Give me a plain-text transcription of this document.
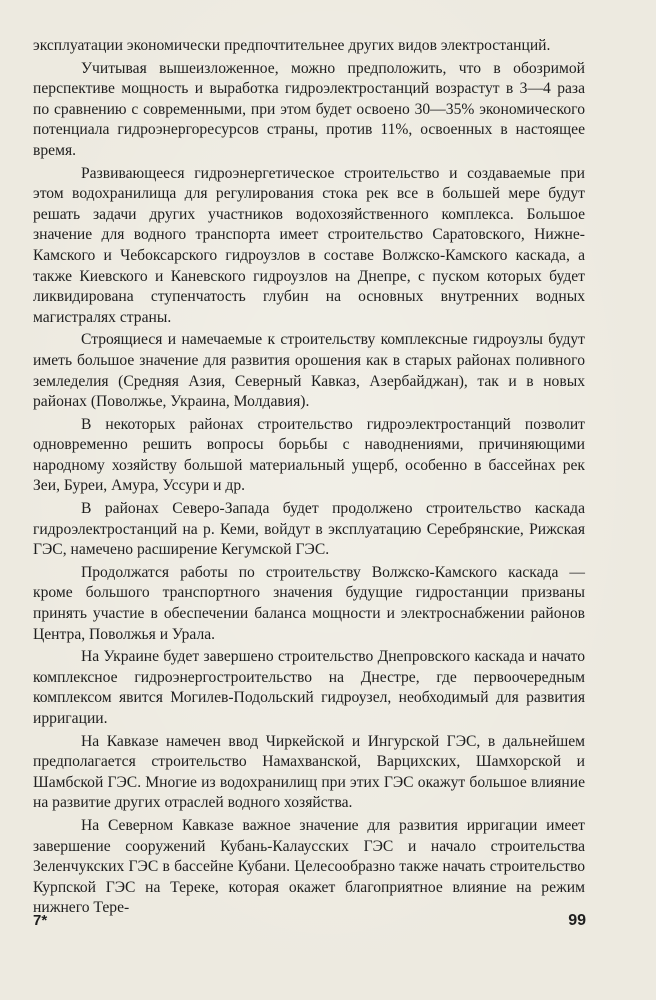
эксплуатации экономически предпочтительнее других видов электростанций.

Учитывая вышеизложенное, можно предположить, что в обозримой перспективе мощность и выработка гидроэлектростанций возрастут в 3—4 раза по сравнению с современными, при этом будет освоено 30—35% экономического потенциала гидроэнергоресурсов страны, против 11%, освоенных в настоящее время.

Развивающееся гидроэнергетическое строительство и создаваемые при этом водохранилища для регулирования стока рек все в большей мере будут решать задачи других участников водохозяйственного комплекса. Большое значение для водного транспорта имеет строительство Саратовского, Нижне-Камского и Чебоксарского гидроузлов в составе Волжско-Камского каскада, а также Киевского и Каневского гидроузлов на Днепре, с пуском которых будет ликвидирована ступенчатость глубин на основных внутренних водных магистралях страны.

Строящиеся и намечаемые к строительству комплексные гидроузлы будут иметь большое значение для развития орошения как в старых районах поливного земледелия (Средняя Азия, Северный Кавказ, Азербайджан), так и в новых районах (Поволжье, Украина, Молдавия).

В некоторых районах строительство гидроэлектростанций позволит одновременно решить вопросы борьбы с наводнениями, причиняющими народному хозяйству большой материальный ущерб, особенно в бассейнах рек Зеи, Буреи, Амура, Уссури и др.

В районах Северо-Запада будет продолжено строительство каскада гидроэлектростанций на р. Кеми, войдут в эксплуатацию Серебрянские, Рижская ГЭС, намечено расширение Кегумской ГЭС.

Продолжатся работы по строительству Волжско-Камского каскада — кроме большого транспортного значения будущие гидростанции призваны принять участие в обеспечении баланса мощности и электроснабжении районов Центра, Поволжья и Урала.

На Украине будет завершено строительство Днепровского каскада и начато комплексное гидроэнергостроительство на Днестре, где первоочередным комплексом явится Могилев-Подольский гидроузел, необходимый для развития ирригации.

На Кавказе намечен ввод Чиркейской и Ингурской ГЭС, в дальнейшем предполагается строительство Намахванской, Варцихских, Шамхорской и Шамбской ГЭС. Многие из водохранилищ при этих ГЭС окажут большое влияние на развитие других отраслей водного хозяйства.

На Северном Кавказе важное значение для развития ирригации имеет завершение сооружений Кубань-Калаусских ГЭС и начало строительства Зеленчукских ГЭС в бассейне Кубани. Целесообразно также начать строительство Курпской ГЭС на Тереке, которая окажет благоприятное влияние на режим нижнего Тере-

7*	99
